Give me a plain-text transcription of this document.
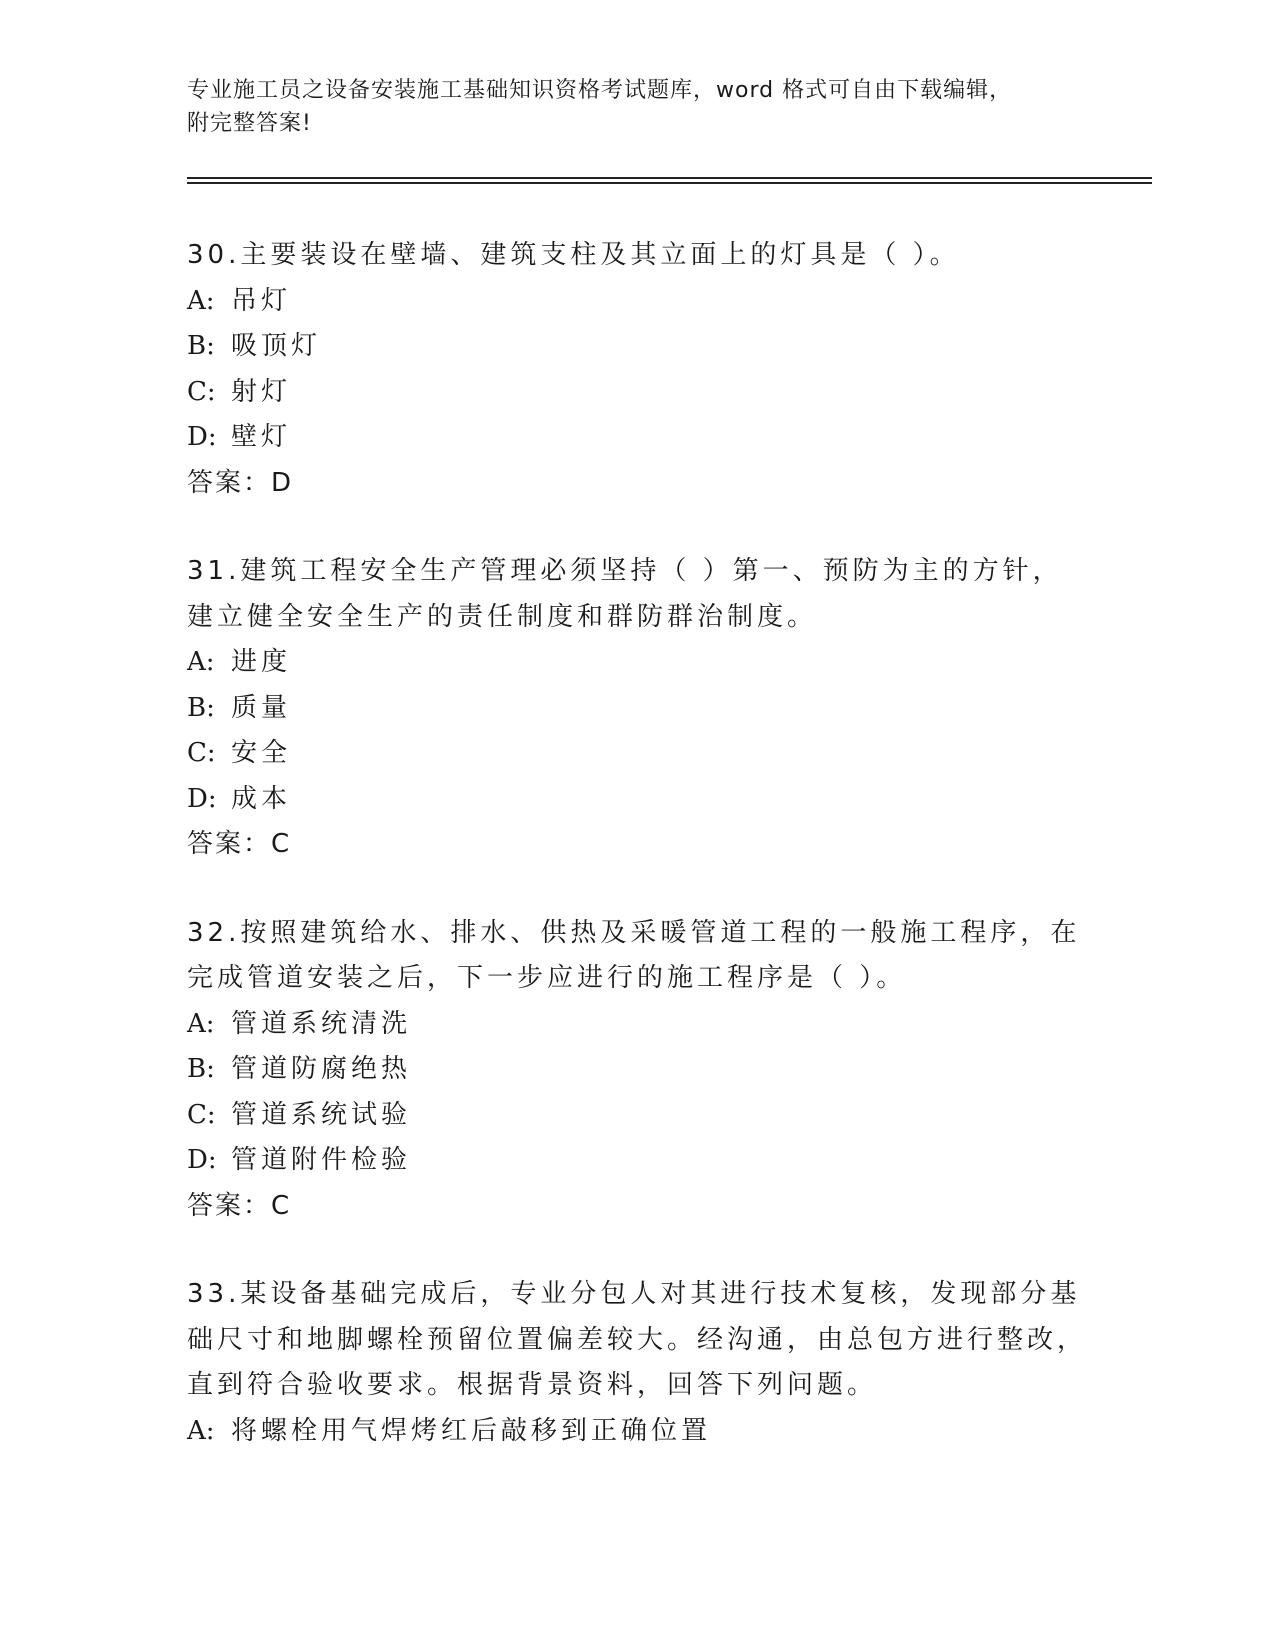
专业施工员之设备安装施工基础知识资格考试题库，word 格式可自由下载编辑，
附完整答案!
30.主要装设在壁墙、建筑支柱及其立面上的灯具是（ ）。
A: 吊灯
B: 吸顶灯
C: 射灯
D: 壁灯
答案：D
31.建筑工程安全生产管理必须坚持（ ）第一、预防为主的方针，建立健全安全生产的责任制度和群防群治制度。
A: 进度
B: 质量
C: 安全
D: 成本
答案：C
32.按照建筑给水、排水、供热及采暖管道工程的一般施工程序，在完成管道安装之后，下一步应进行的施工程序是（ ）。
A: 管道系统清洗
B: 管道防腐绝热
C: 管道系统试验
D: 管道附件检验
答案：C
33.某设备基础完成后，专业分包人对其进行技术复核，发现部分基础尺寸和地脚螺栓预留位置偏差较大。经沟通，由总包方进行整改，直到符合验收要求。根据背景资料，回答下列问题。
A: 将螺栓用气焊烤红后敲移到正确位置
